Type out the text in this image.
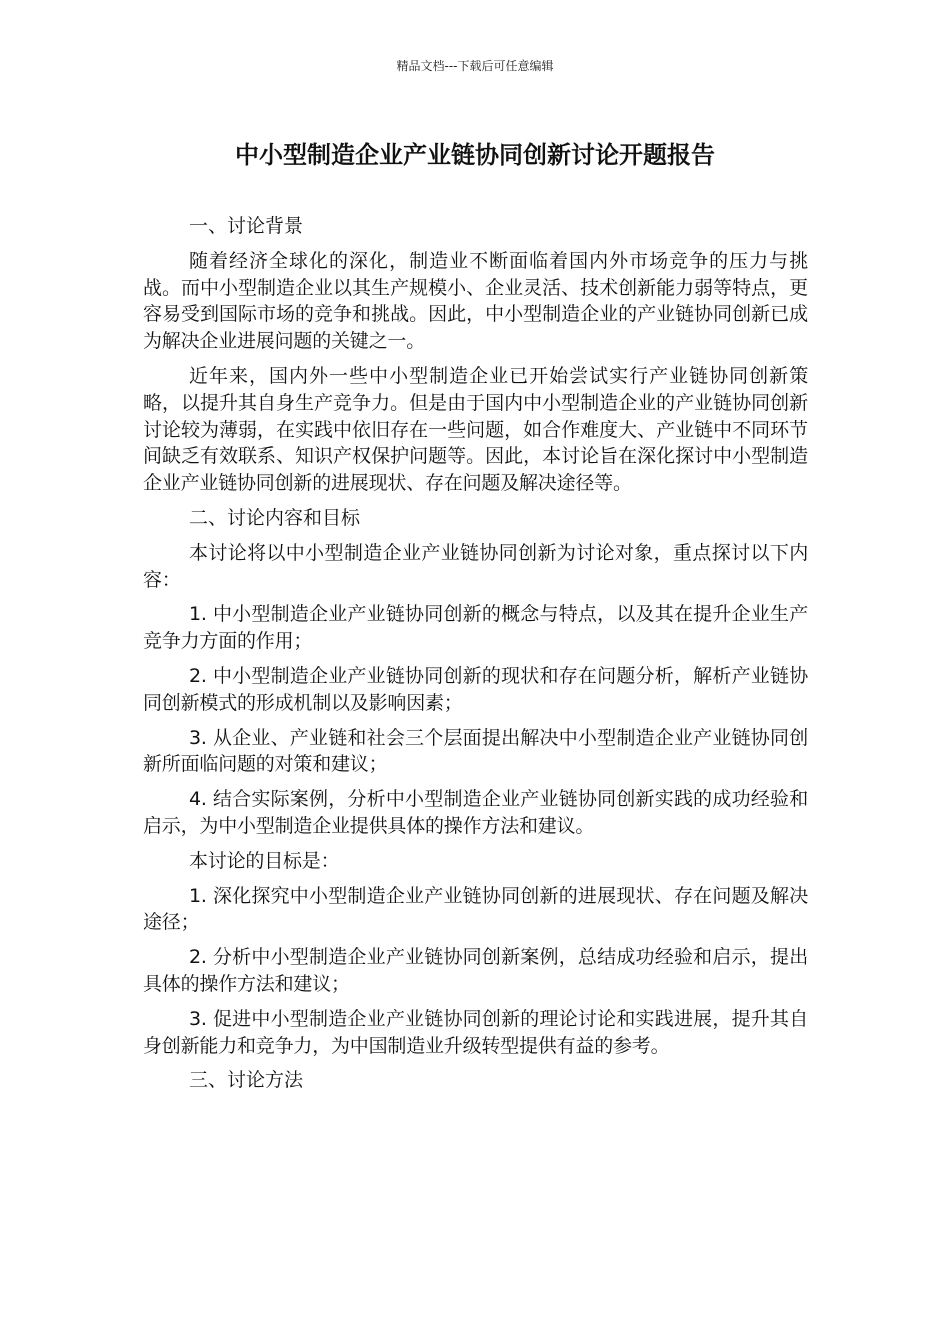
精品文档---下载后可任意编辑
中小型制造企业产业链协同创新讨论开题报告

一、讨论背景

随着经济全球化的深化，制造业不断面临着国内外市场竞争的压力与挑战。而中小型制造企业以其生产规模小、企业灵活、技术创新能力弱等特点，更容易受到国际市场的竞争和挑战。因此，中小型制造企业的产业链协同创新已成为解决企业进展问题的关键之一。

近年来，国内外一些中小型制造企业已开始尝试实行产业链协同创新策略，以提升其自身生产竞争力。但是由于国内中小型制造企业的产业链协同创新讨论较为薄弱，在实践中依旧存在一些问题，如合作难度大、产业链中不同环节间缺乏有效联系、知识产权保护问题等。因此，本讨论旨在深化探讨中小型制造企业产业链协同创新的进展现状、存在问题及解决途径等。

二、讨论内容和目标

本讨论将以中小型制造企业产业链协同创新为讨论对象，重点探讨以下内容：

1. 中小型制造企业产业链协同创新的概念与特点，以及其在提升企业生产竞争力方面的作用；

2. 中小型制造企业产业链协同创新的现状和存在问题分析，解析产业链协同创新模式的形成机制以及影响因素；

3. 从企业、产业链和社会三个层面提出解决中小型制造企业产业链协同创新所面临问题的对策和建议；

4. 结合实际案例，分析中小型制造企业产业链协同创新实践的成功经验和启示，为中小型制造企业提供具体的操作方法和建议。

本讨论的目标是：

1. 深化探究中小型制造企业产业链协同创新的进展现状、存在问题及解决途径；

2. 分析中小型制造企业产业链协同创新案例，总结成功经验和启示，提出具体的操作方法和建议；

3. 促进中小型制造企业产业链协同创新的理论讨论和实践进展，提升其自身创新能力和竞争力，为中国制造业升级转型提供有益的参考。

三、讨论方法
